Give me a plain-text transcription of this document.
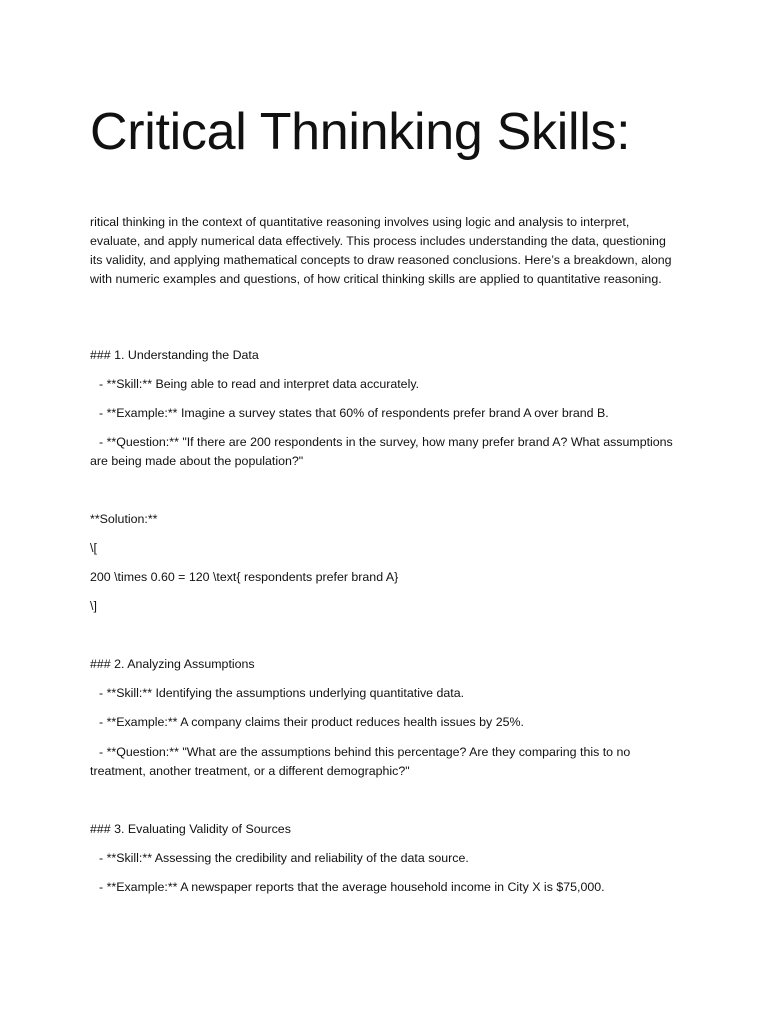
Critical Thninking Skills:

ritical thinking in the context of quantitative reasoning involves using logic and analysis to interpret, evaluate, and apply numerical data effectively. This process includes understanding the data, questioning its validity, and applying mathematical concepts to draw reasoned conclusions. Here’s a breakdown, along with numeric examples and questions, of how critical thinking skills are applied to quantitative reasoning.

### 1. Understanding the Data

- **Skill:** Being able to read and interpret data accurately.

- **Example:** Imagine a survey states that 60% of respondents prefer brand A over brand B.

- **Question:** "If there are 200 respondents in the survey, how many prefer brand A? What assumptions are being made about the population?"

**Solution:**

\[

200 \times 0.60 = 120 \text{ respondents prefer brand A}

\]

### 2. Analyzing Assumptions

- **Skill:** Identifying the assumptions underlying quantitative data.

- **Example:** A company claims their product reduces health issues by 25%.

- **Question:** "What are the assumptions behind this percentage? Are they comparing this to no treatment, another treatment, or a different demographic?"

### 3. Evaluating Validity of Sources

- **Skill:** Assessing the credibility and reliability of the data source.

- **Example:** A newspaper reports that the average household income in City X is $75,000.
